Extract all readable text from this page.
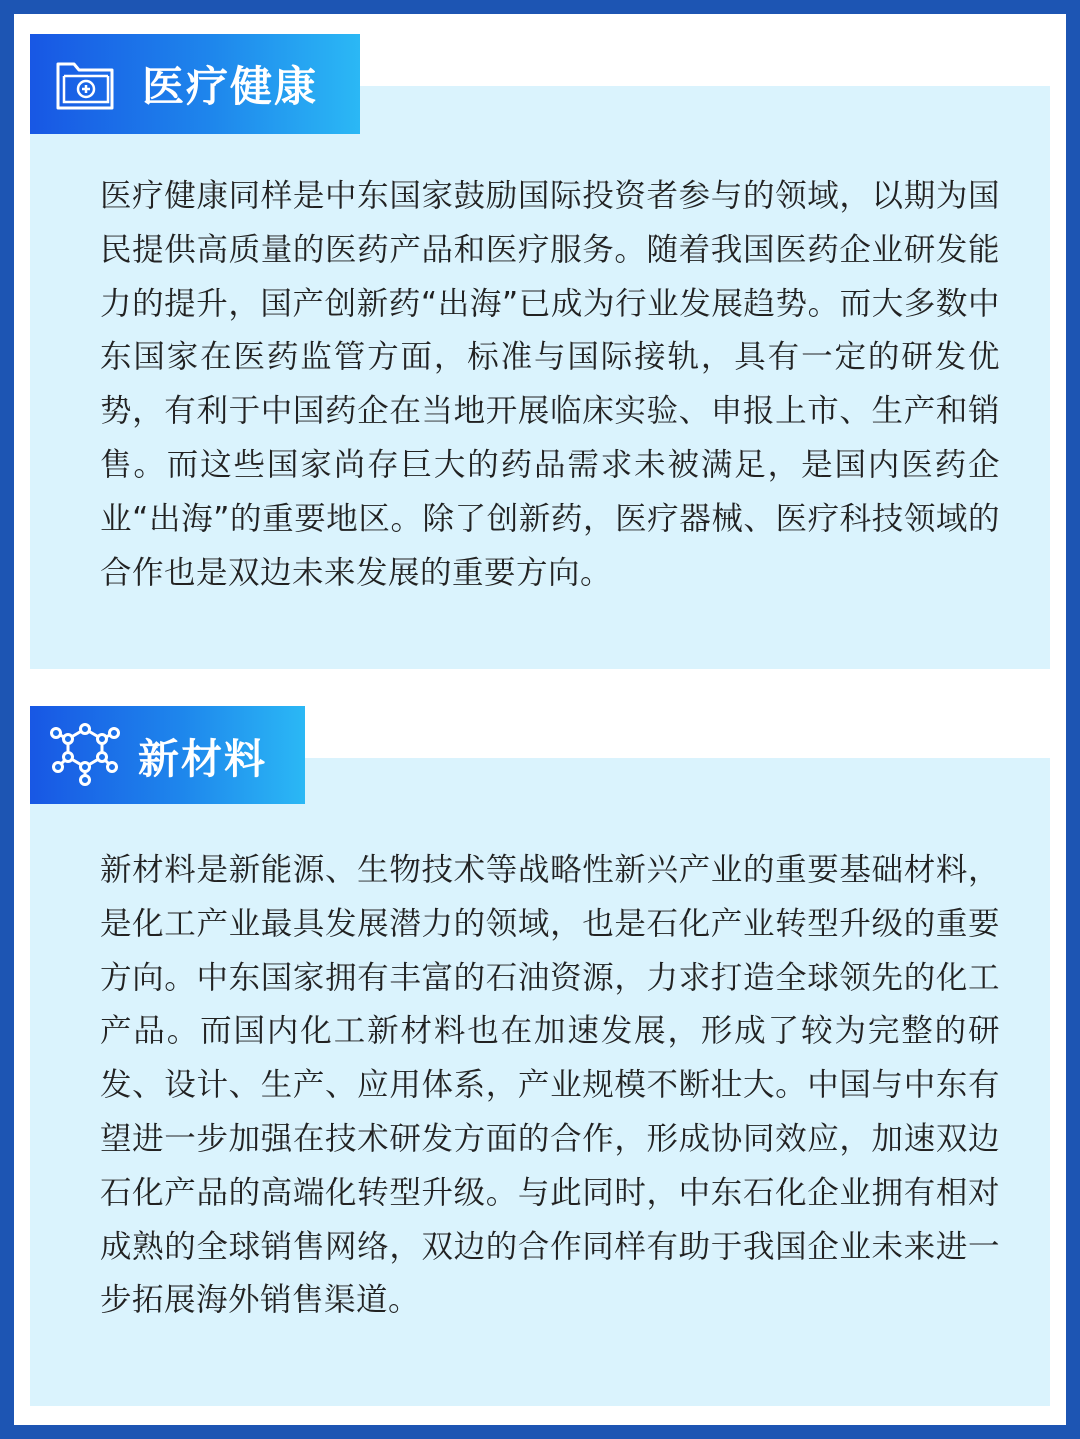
医疗健康

医疗健康同样是中东国家鼓励国际投资者参与的领域，以期为国民提供高质量的医药产品和医疗服务。随着我国医药企业研发能力的提升，国产创新药“出海”已成为行业发展趋势。而大多数中东国家在医药监管方面，标准与国际接轨，具有一定的研发优势，有利于中国药企在当地开展临床实验、申报上市、生产和销售。而这些国家尚存巨大的药品需求未被满足，是国内医药企业“出海”的重要地区。除了创新药，医疗器械、医疗科技领域的合作也是双边未来发展的重要方向。

新材料

新材料是新能源、生物技术等战略性新兴产业的重要基础材料，是化工产业最具发展潜力的领域，也是石化产业转型升级的重要方向。中东国家拥有丰富的石油资源，力求打造全球领先的化工产品。而国内化工新材料也在加速发展，形成了较为完整的研发、设计、生产、应用体系，产业规模不断壮大。中国与中东有望进一步加强在技术研发方面的合作，形成协同效应，加速双边石化产品的高端化转型升级。与此同时，中东石化企业拥有相对成熟的全球销售网络，双边的合作同样有助于我国企业未来进一步拓展海外销售渠道。
